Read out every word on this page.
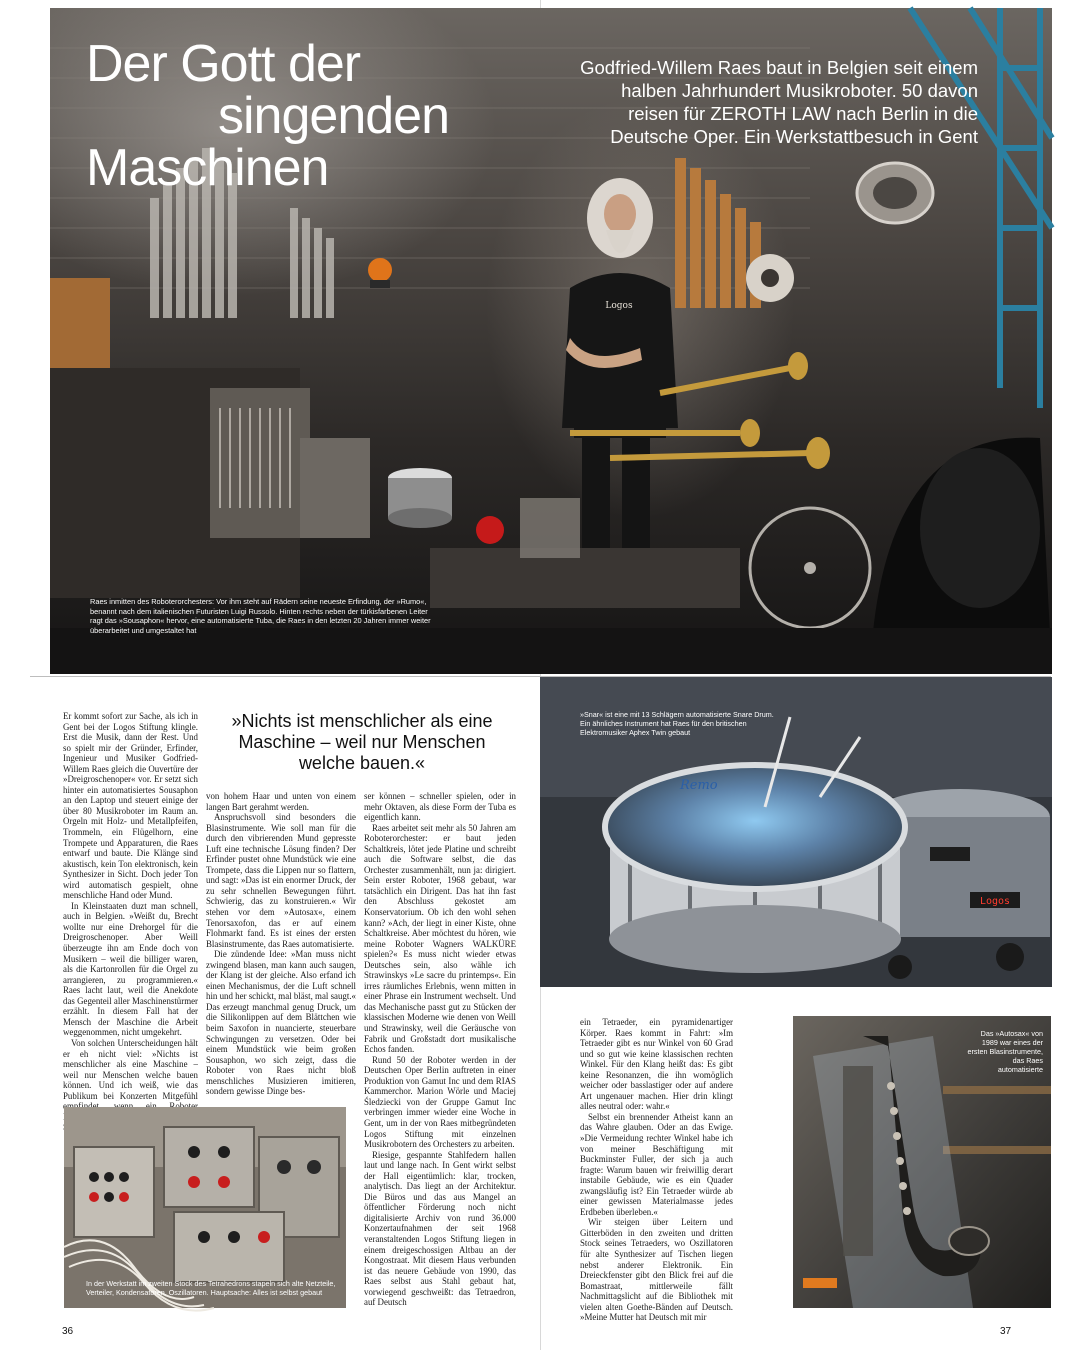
Der Gott der
singenden
Maschinen
Godfried-Willem Raes baut in Belgien seit einem halben Jahrhundert Musikroboter. 50 davon reisen für ZEROTH LAW nach Berlin in die Deutsche Oper. Ein Werkstattbesuch in Gent
Raes inmitten des Roboterorchesters: Vor ihm steht auf Rädern seine neueste Erfindung, der »Rumo«, benannt nach dem italienischen Futuristen Luigi Russolo. Hinten rechts neben der türkisfarbenen Leiter ragt das »Sousaphon« hervor, eine automatisierte Tuba, die Raes in den letzten 20 Jahren immer weiter überarbeitet und umgestaltet hat
Logos

»Nichts ist menschlicher als eine Maschine – weil nur Menschen welche bauen.«

Er kommt sofort zur Sache, als ich in Gent bei der Logos Stiftung klingle. Erst die Musik, dann der Rest. Und so spielt mir der Gründer, Erfinder, Ingenieur und Musiker Godfried-Willem Raes gleich die Ouvertüre der »Dreigroschenoper« vor. Er setzt sich hinter ein automatisiertes Sousaphon an den Laptop und steuert einige der über 80 Musikroboter im Raum an. Orgeln mit Holz- und Metallpfeifen, Trommeln, ein Flügelhorn, eine Trompete und Apparaturen, die Raes entwarf und baute. Die Klänge sind akustisch, kein Ton elektronisch, kein Synthesizer in Sicht. Doch jeder Ton wird automatisch gespielt, ohne menschliche Hand oder Mund.

In Kleinstaaten duzt man schnell, auch in Belgien. »Weißt du, Brecht wollte nur eine Drehorgel für die Dreigroschenoper. Aber Weill überzeugte ihn am Ende doch von Musikern – weil die billiger waren, als die Kartonrollen für die Orgel zu arrangieren, zu programmieren.« Raes lacht laut, weil die Anekdote das Gegenteil aller Maschinenstürmer erzählt. In diesem Fall hat der Mensch der Maschine die Arbeit weggenommen, nicht umgekehrt.

Von solchen Unterscheidungen hält er eh nicht viel: »Nichts ist menschlicher als eine Maschine – weil nur Menschen welche bauen können. Und ich weiß, wie das Publikum bei Konzerten Mitgefühl

von hohem Haar und unten von einem langen Bart gerahmt werden.

Anspruchsvoll sind besonders die Blasinstrumente. Wie soll man für die durch den vibrierenden Mund gepresste Luft eine technische Lösung finden? Der Erfinder pustet ohne Mundstück wie eine Trompete, dass die Lippen nur so flattern, und sagt: »Das ist ein enormer Druck, der zu sehr schnellen Bewegungen führt. Schwierig, das zu konstruieren.« Wir stehen vor dem »Autosax«, einem Tenorsaxofon, das er auf einem Flohmarkt fand. Es ist eines der ersten Blasinstrumente, das Raes automatisierte.

Die zündende Idee: »Man muss nicht zwingend blasen, man kann auch saugen, der Klang ist der gleiche. Also erfand ich einen Mechanismus, der die Luft schnell hin und her schickt, mal bläst, mal saugt.« Das erzeugt manchmal genug Druck, um die Silikonlippen auf dem Blättchen wie beim Saxofon in nuancierte, steuerbare Schwingungen zu versetzen. Oder bei einem Mundstück wie beim großen Sousaphon, wo sich zeigt, dass die Roboter von Raes nicht bloß menschliches Musizieren imitieren, sondern gewisse Dinge bes-

ser können – schneller spielen, oder in mehr Oktaven, als diese Form der Tuba es eigentlich kann.

Raes arbeitet seit mehr als 50 Jahren am Roboterorchester: er baut jeden Schaltkreis, lötet jede Platine und schreibt auch die Software selbst, die das Orchester zusammenhält, nun ja: dirigiert. Sein erster Roboter, 1968 gebaut, war tatsächlich ein Dirigent. Das hat ihn fast den Abschluss gekostet am Konservatorium. Ob ich den wohl sehen kann? »Ach, der liegt in einer Kiste, ohne Schaltkreise. Aber möchtest du hören, wie meine Roboter Wagners WALKÜRE spielen?« Es muss nicht wieder etwas Deutsches sein, also wähle ich Strawinskys »Le sacre du printemps«. Ein irres räumliches Erlebnis, wenn mitten in einer Phrase ein Instrument wechselt. Und das Mechanische passt gut zu Stücken der klassischen Moderne wie denen von Weill und Strawinsky, weil die Geräusche von Fabrik und Großstadt dort musikalische Echos fanden.

Rund 50 der Roboter werden in der Deutschen Oper Berlin auftreten in einer Produktion von Gamut Inc und dem RIAS Kammerchor. Marion Wörle und Maciej Śledziecki von der Gruppe Gamut Inc verbringen immer wieder eine Woche in Gent, um in der von Raes mitbegründeten Logos Stiftung mit einzelnen Musikrobotern des Orchesters zu arbeiten.

Riesige, gespannte Stahlfedern hallen laut und lange nach. In Gent wirkt selbst der Hall eigentümlich: klar, trocken, analytisch. Das liegt an der Architektur. Die Büros und das aus Mangel an öffentlicher Förderung noch nicht digitalisierte Archiv von rund 36.000 Konzertaufnahmen der seit 1968 veranstaltenden Logos Stiftung liegen in einem dreigeschossigen Altbau an der Kongostraat. Mit diesem Haus verbunden ist das neuere Gebäude von 1990, das Raes selbst aus Stahl gebaut hat, vorwiegend geschweißt: das Tetraedron, auf Deutsch

ein Tetraeder, ein pyramidenartiger Körper. Raes kommt in Fahrt: »Im Tetraeder gibt es nur Winkel von 60 Grad und so gut wie keine klassischen rechten Winkel. Für den Klang heißt das: Es gibt keine Resonanzen, die ihn womöglich weicher oder basslastiger oder auf andere Art ungenauer machen. Hier drin klingt alles neutral oder: wahr.«

Selbst ein brennender Atheist kann an das Wahre glauben. Oder an das Ewige. »Die Vermeidung rechter Winkel habe ich von meiner Beschäftigung mit Buckminster Fuller, der sich ja auch fragte: Warum bauen wir freiwillig derart instabile Gebäude, wie es ein Quader zwangsläufig ist? Ein Tetraeder würde ab einer gewissen Materialmasse jedes Erdbeben überleben.«

Wir steigen über Leitern und Gitterböden in den zweiten und dritten Stock seines Tetraeders, wo Oszillatoren für alte Synthesizer auf Tischen liegen nebst anderer Elektronik. Ein Dreieckfenster gibt den Blick frei auf die Bomastraat, mittlerweile fällt Nachmittagslicht auf die Bibliothek mit vielen alten Goethe-Bänden auf Deutsch. »Meine Mutter hat Deutsch mit mir

Remo
Logos
»Snar« ist eine mit 13 Schlägern automatisierte Snare Drum. Ein ähnliches Instrument hat Raes für den britischen Elektromusiker Aphex Twin gebaut
In der Werkstatt im zweiten Stock des Tetrahedrons stapeln sich alte Netzteile, Verteiler, Kondensatoren, Oszillatoren. Hauptsache: Alles ist selbst gebaut
Das »Autosax« von 1989 war eines der ersten Blasinstrumente, das Raes automatisierte
36	37
